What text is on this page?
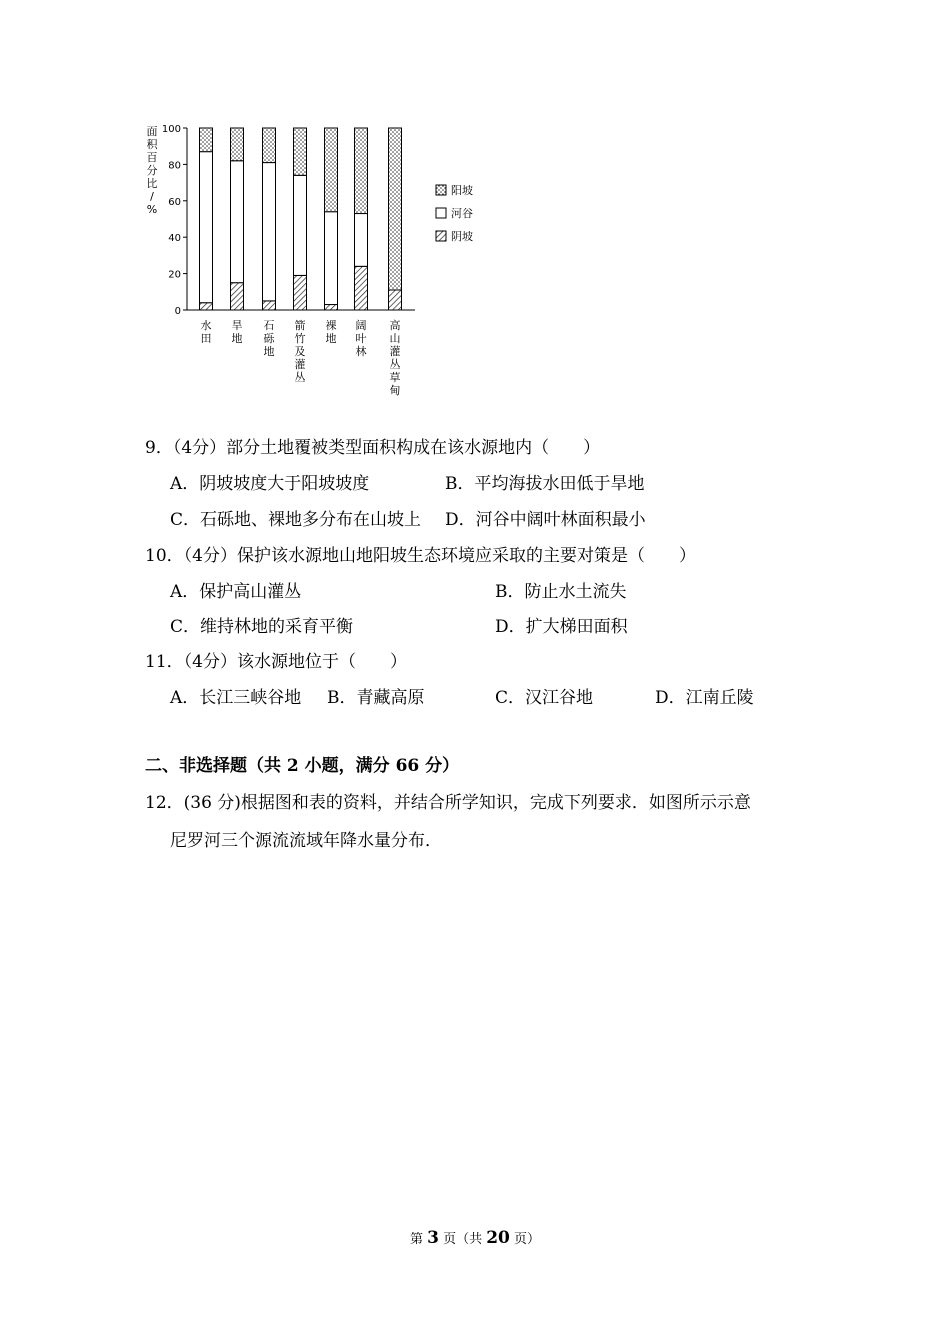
面
积
百
分
比
/
%
0
20
40
60
80
100
水
田
旱
地
石
砾
地
箭
竹
及
灌
丛
裸
地
阔
叶
林
高
山
灌
丛
草
甸
阳坡
河谷
阴坡
9．（4分）部分土地覆被类型面积构成在该水源地内（　　）
A．阴坡坡度大于阳坡坡度	B．平均海拔水田低于旱地
C．石砾地、裸地多分布在山坡上 D．河谷中阔叶林面积最小
10．（4分）保护该水源地山地阳坡生态环境应采取的主要对策是（　　）
A．保护高山灌丛	B．防止水土流失
C．维持林地的采育平衡	D．扩大梯田面积
11．（4分）该水源地位于（　　）
A．长江三峡谷地 B．青藏高原	C．汉江谷地	D．江南丘陵
二、非选择题（共 2 小题，满分 66 分）
12．(36 分)根据图和表的资料，并结合所学知识，完成下列要求．如图所示示意
尼罗河三个源流流域年降水量分布．
第 3 页（共 20 页）
